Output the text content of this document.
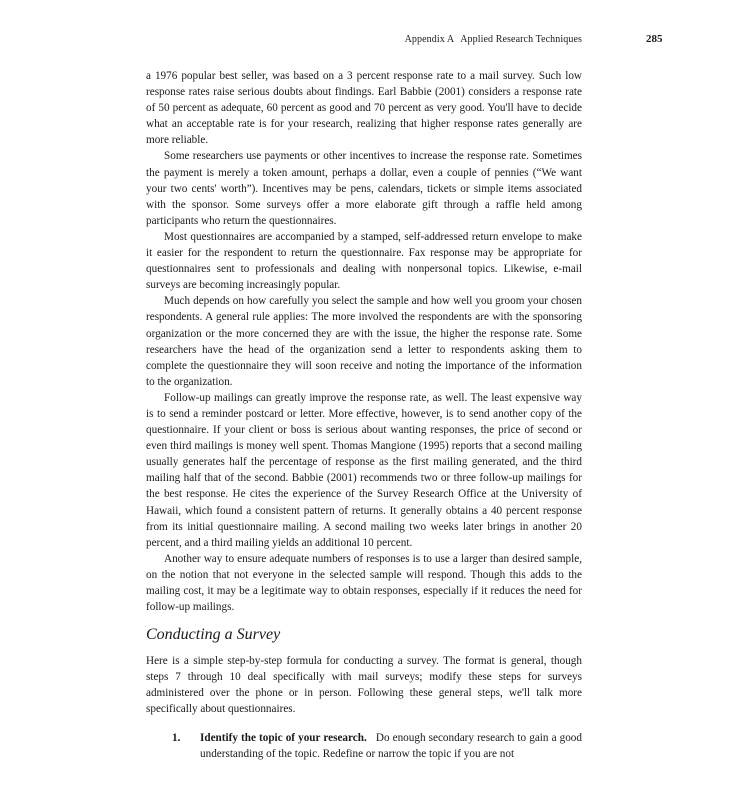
Appendix A Applied Research Techniques	285

a 1976 popular best seller, was based on a 3 percent response rate to a mail survey. Such low response rates raise serious doubts about findings. Earl Babbie (2001) considers a response rate of 50 percent as adequate, 60 percent as good and 70 percent as very good. You'll have to decide what an acceptable rate is for your research, realizing that higher response rates generally are more reliable.

Some researchers use payments or other incentives to increase the response rate. Sometimes the payment is merely a token amount, perhaps a dollar, even a couple of pennies (“We want your two cents' worth”). Incentives may be pens, calendars, tickets or simple items associated with the sponsor. Some surveys offer a more elaborate gift through a raffle held among participants who return the questionnaires.

Most questionnaires are accompanied by a stamped, self-addressed return envelope to make it easier for the respondent to return the questionnaire. Fax response may be appropriate for questionnaires sent to professionals and dealing with nonpersonal topics. Likewise, e-mail surveys are becoming increasingly popular.

Much depends on how carefully you select the sample and how well you groom your chosen respondents. A general rule applies: The more involved the respondents are with the sponsoring organization or the more concerned they are with the issue, the higher the response rate. Some researchers have the head of the organization send a letter to respondents asking them to complete the questionnaire they will soon receive and noting the importance of the information to the organization.

Follow-up mailings can greatly improve the response rate, as well. The least expensive way is to send a reminder postcard or letter. More effective, however, is to send another copy of the questionnaire. If your client or boss is serious about wanting responses, the price of second or even third mailings is money well spent. Thomas Mangione (1995) reports that a second mailing usually generates half the percentage of response as the first mailing generated, and the third mailing half that of the second. Babbie (2001) recommends two or three follow-up mailings for the best response. He cites the experience of the Survey Research Office at the University of Hawaii, which found a consistent pattern of returns. It generally obtains a 40 percent response from its initial questionnaire mailing. A second mailing two weeks later brings in another 20 percent, and a third mailing yields an additional 10 percent.

Another way to ensure adequate numbers of responses is to use a larger than desired sample, on the notion that not everyone in the selected sample will respond. Though this adds to the mailing cost, it may be a legitimate way to obtain responses, especially if it reduces the need for follow-up mailings.

Conducting a Survey

Here is a simple step-by-step formula for conducting a survey. The format is general, though steps 7 through 10 deal specifically with mail surveys; modify these steps for surveys administered over the phone or in person. Following these general steps, we'll talk more specifically about questionnaires.

1. Identify the topic of your research. Do enough secondary research to gain a good understanding of the topic. Redefine or narrow the topic if you are not
